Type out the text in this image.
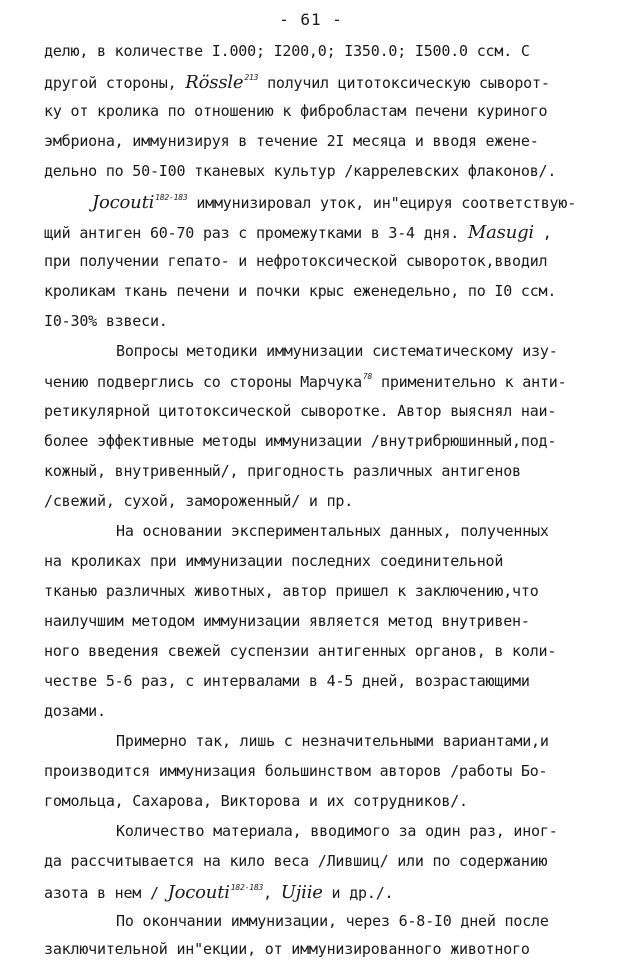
- 61 -
делю, в количестве I.000; I200,0; I350.0; I500.0 ссм. С
другой стороны, Rössle$^{213}$ получил цитотоксическую сыворот-
ку от кролика по отношению к фибробластам печени куриного
эмбриона, иммунизируя в течение 2I месяца и вводя еженe-
дельно по 50-I00 тканевых культур /каррелевских флаконов/.
Jocouti$^{182-183}$ иммунизировал уток, ин"ецируя соответствую-
щий антиген 60-70 раз с промежутками в 3-4 дня. Masugi ,
при получении гепато- и нефротоксической сывороток,вводил
кроликам ткань печени и почки крыс еженедельно, по I0 ссм.
I0-30% взвеси.
Вопросы методики иммунизации систематическому изу-
чению подверглись со стороны Марчука$^{78}$ применительно к анти-
ретикулярной цитотоксической сыворотке. Автор выяснял наи-
более эффективные методы иммунизации /внутрибрюшинный,под-
кожный, внутривенный/, пригодность различных антигенов
/свежий, сухой, замороженный/ и пр.
На основании экспериментальных данных, полученных
на кроликах при иммунизации последних соединительной
тканью различных животных, автор пришел к заключению,что
наилучшим методом иммунизации является метод внутривен-
ного введения свежей суспензии антигенных органов, в коли-
честве 5-6 раз, с интервалами в 4-5 дней, возрастающими
дозами.
Примерно так, лишь с незначительными вариантами,и
производится иммунизация большинством авторов /работы Бо-
гомольца, Сахарова, Викторова и их сотрудников/.
Количество материала, вводимого за один раз, иног-
да рассчитывается на кило веса /Лившиц/ или по содержанию
азота в нем / Jocouti$^{182-183}$, Ujiie и др./.
По окончании иммунизации, через 6-8-I0 дней после
заключительной ин"екции, от иммунизированного животного
